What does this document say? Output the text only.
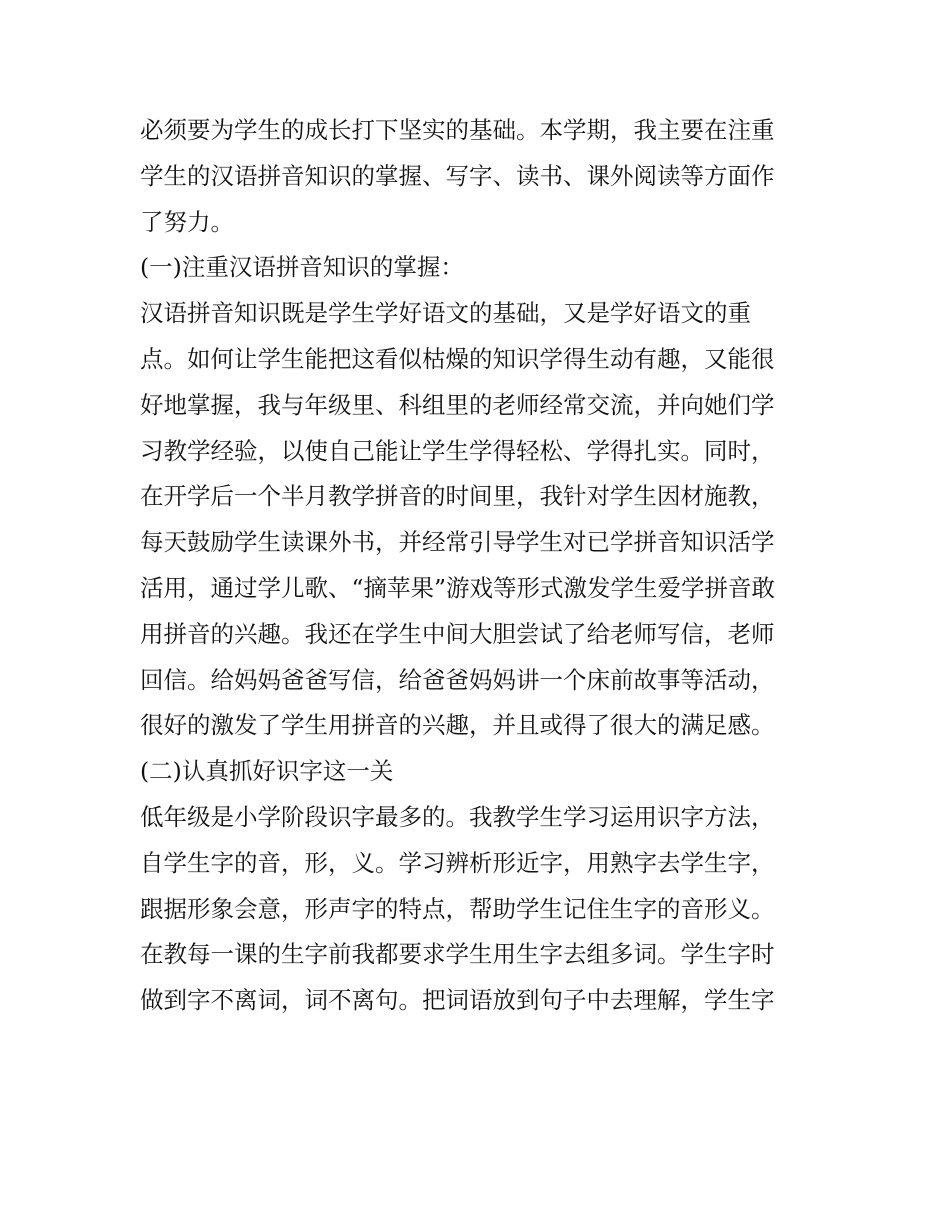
必须要为学生的成长打下坚实的基础。本学期，我主要在注重
学生的汉语拼音知识的掌握、写字、读书、课外阅读等方面作
了努力。
(一)注重汉语拼音知识的掌握：
汉语拼音知识既是学生学好语文的基础，又是学好语文的重
点。如何让学生能把这看似枯燥的知识学得生动有趣，又能很
好地掌握，我与年级里、科组里的老师经常交流，并向她们学
习教学经验，以使自己能让学生学得轻松、学得扎实。同时，
在开学后一个半月教学拼音的时间里，我针对学生因材施教，
每天鼓励学生读课外书，并经常引导学生对已学拼音知识活学
活用，通过学儿歌、“摘苹果”游戏等形式激发学生爱学拼音敢
用拼音的兴趣。我还在学生中间大胆尝试了给老师写信，老师
回信。给妈妈爸爸写信，给爸爸妈妈讲一个床前故事等活动，
很好的激发了学生用拼音的兴趣，并且或得了很大的满足感。
(二)认真抓好识字这一关
低年级是小学阶段识字最多的。我教学生学习运用识字方法，
自学生字的音，形，义。学习辨析形近字，用熟字去学生字，
跟据形象会意，形声字的特点，帮助学生记住生字的音形义。
在教每一课的生字前我都要求学生用生字去组多词。学生字时
做到字不离词，词不离句。把词语放到句子中去理解，学生字
